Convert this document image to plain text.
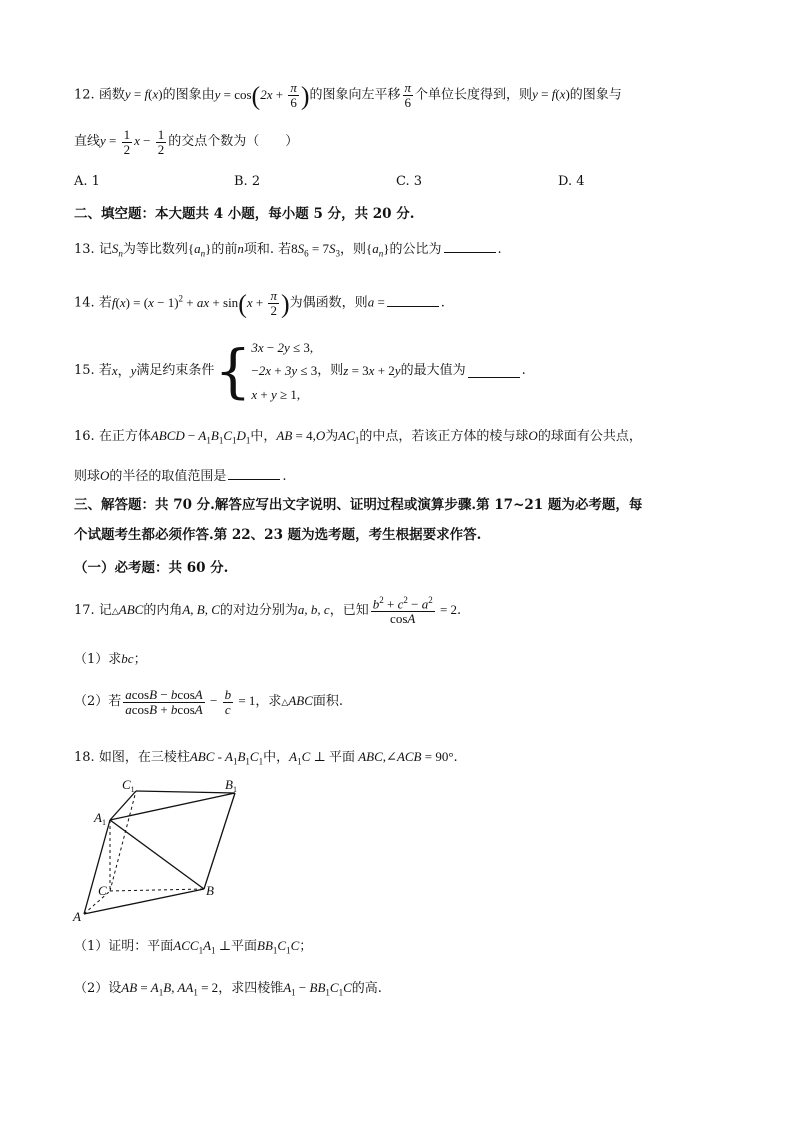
12. 函数y = f(x)的图象由$y = \cos(2x + \frac{\pi}{6}$ )的图象向左平移 $\frac{\pi}{6}$ 个单位长度得到，则y = f(x)的图象与
直线$y = \frac{1}{2}$ $x - \frac{1}{2}$ 的交点个数为（　　）
A. 1	B. 2	C. 3	D. 4
二、填空题：本大题共 4 小题，每小题 5 分，共 20 分.
13. 记$S_n$为等比数列$\{a_n\}$的前n项和. 若$8S_6 = 7S_3$，则$\{a_n\}$的公比为	.
14. 若$f(x) = (x - 1)^2$ + ax + $\sin(x + \frac{\pi}{2}$ )为偶函数，则a =	.
15.
若 x，y 满足约束条件 { 3x − 2y ≤ 3,
−2x + 3y ≤ 3
x + y ≥ 1,
，则 z = 3x + 2y 的最大值为	.
16. 在正方体ABCD − $A_1B_1C_1D_1$中，AB = 4,O为$AC_1$的中点，若该正方体的棱与球O的球面有公共点，
则球O的半径的取值范围是	.
三、解答题：共 70 分.解答应写出文字说明、证明过程或演算步骤.第 17~21 题为必考题，每
个试题考生都必须作答.第 22、23 题为选考题，考生根据要求作答.
（一）必考题：共 60 分.
17. 记△ABC的内角A, B, C的对边分别为a, b, c，已知 $\frac{b^2 + c^2 - a^2}{\cos A} = 2$.
（1）求bc；
（2）若 $\frac{acosB - bcosA}{acosB + bcosA} - \frac{b}{c} = 1$，求△ABC面积.
18. 如图，在三棱柱ABC - $A_1B_1C_1$中，$A_1C$ ⊥ 平面 ABC,∠ACB = 90°.
$C_1$	$B_1$
$A_1$
C	B
A
（1）证明：平面$ACC_1A_1$ ⊥平面$BB_1C_1C$；
（2）设AB = $A_1B$, $AA_1 = 2$，求四棱锥$A_1 - BB_1C_1C$的高.
